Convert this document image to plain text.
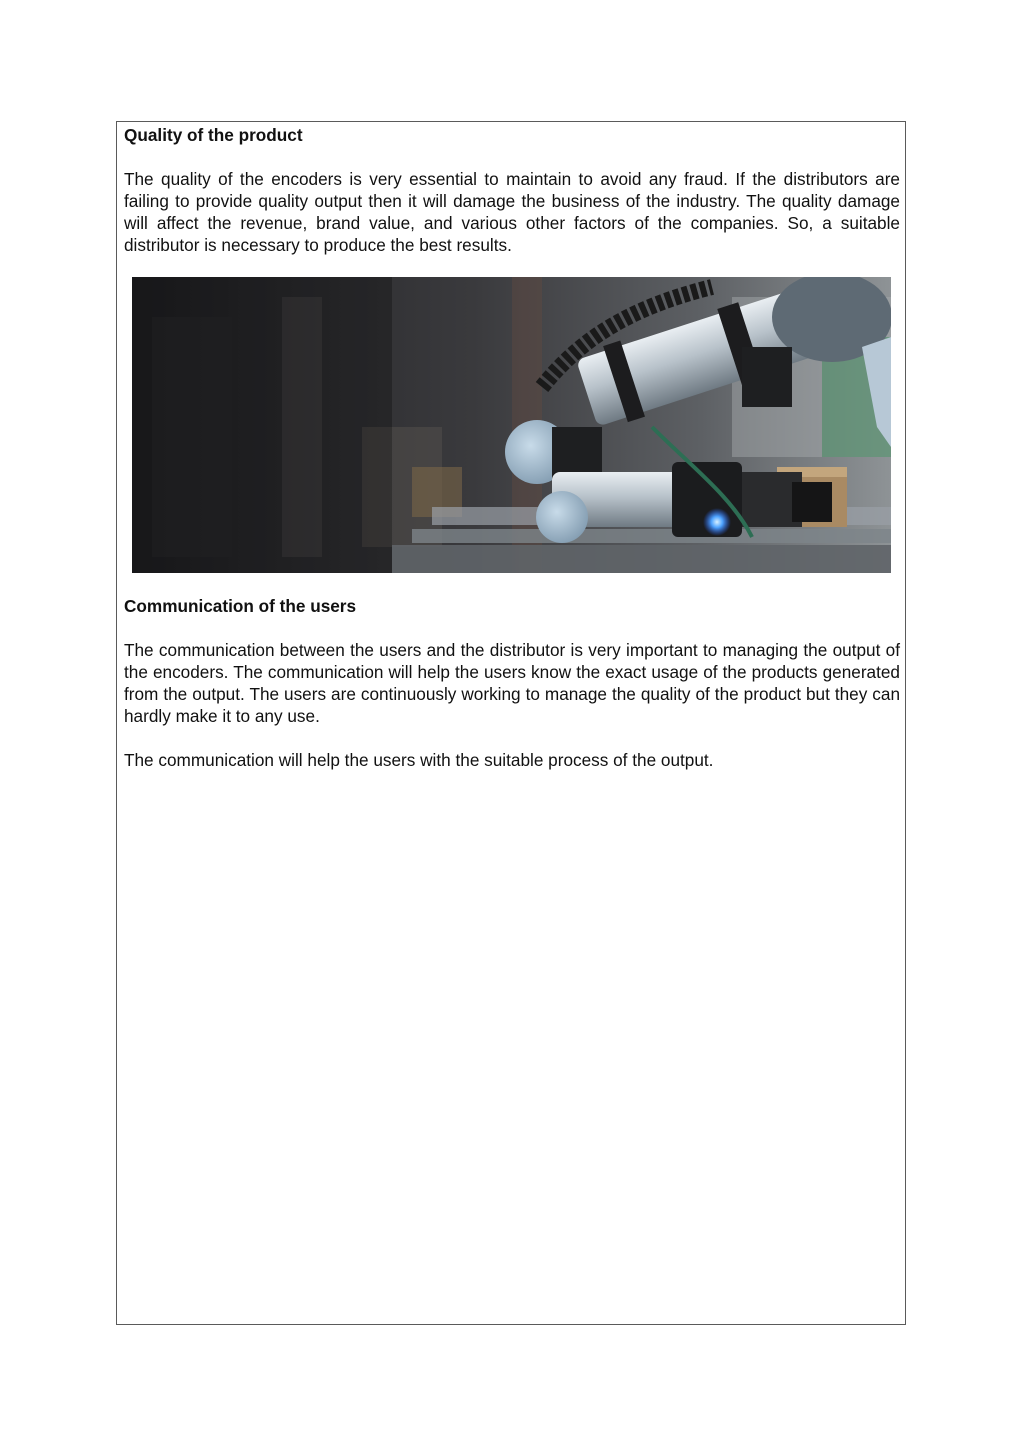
Quality of the product

The quality of the encoders is very essential to maintain to avoid any fraud. If the distributors are failing to provide quality output then it will damage the business of the industry. The quality damage will affect the revenue, brand value, and various other factors of the companies. So, a suitable distributor is necessary to produce the best results.

Communication of the users

The communication between the users and the distributor is very important to managing the output of the encoders. The communication will help the users know the exact usage of the products generated from the output. The users are continuously working to manage the quality of the product but they can hardly make it to any use.

The communication will help the users with the suitable process of the output.
